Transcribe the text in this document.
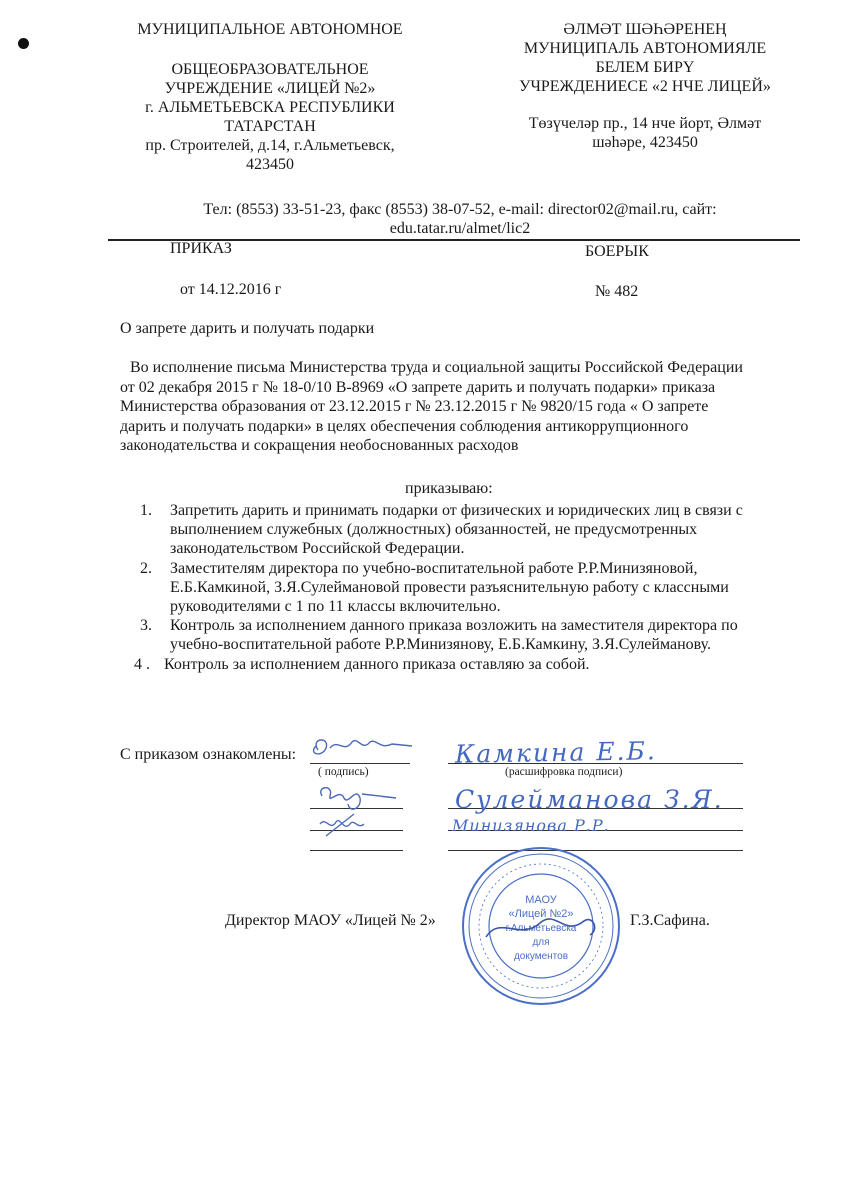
МУНИЦИПАЛЬНОЕ АВТОНОМНОЕ
ОБЩЕОБРАЗОВАТЕЛЬНОЕ
УЧРЕЖДЕНИЕ «ЛИЦЕЙ №2»
г. АЛЬМЕТЬЕВСКА РЕСПУБЛИКИ
ТАТАРСТАН
пр. Строителей, д.14, г.Альметьевск,
423450
ӘЛМӘТ ШӘҺӘРЕНЕҢ
МУНИЦИПАЛЬ АВТОНОМИЯЛЕ
БЕЛЕМ БИРҮ
УЧРЕЖДЕНИЕСЕ «2 НЧЕ ЛИЦЕЙ»
Төзүчеләр пр., 14 нче йорт, Әлмәт
шәһәре, 423450
Тел: (8553) 33-51-23, факс (8553) 38-07-52, e-mail: director02@mail.ru, сайт:
edu.tatar.ru/almet/lic2
ПРИКАЗ	БОЕРЫК
от 14.12.2016 г	№ 482
О запрете дарить и получать подарки
Во исполнение письма Министерства труда и социальной защиты Российской Федерации
от 02 декабря 2015 г № 18-0/10 В-8969 «О запрете дарить и получать подарки» приказа
Министерства образования от 23.12.2015 г № 23.12.2015 г № 9820/15 года « О запрете
дарить и получать подарки» в целях обеспечения соблюдения антикоррупционного
законодательства и сокращения необоснованных расходов
приказываю:
1. Запретить дарить и принимать подарки от физических и юридических лиц в связи с
выполнением служебных (должностных) обязанностей, не предусмотренных
законодательством Российской Федерации.
2. Заместителям директора по учебно-воспитательной работе Р.Р.Минизяновой,
Е.Б.Камкиной, З.Я.Сулеймановой провести разъяснительную работу с классными
руководителями с 1 по 11 классы включительно.
3. Контроль за исполнением данного приказа возложить на заместителя директора по
учебно-воспитательной работе Р.Р.Минизянову, Е.Б.Камкину, З.Я.Сулейманову.
4 . Контроль за исполнением данного приказа оставляю за собой.
С приказом ознакомлены:
( подпись)	(расшифровка подписи)
Камкина Е.Б.
Сулейманова З.Я.
Минизянова Р.Р.
МАОУ
«Лицей №2»
г.Альметьевска
для
документов
Директор МАОУ «Лицей № 2»	Г.З.Сафина.
